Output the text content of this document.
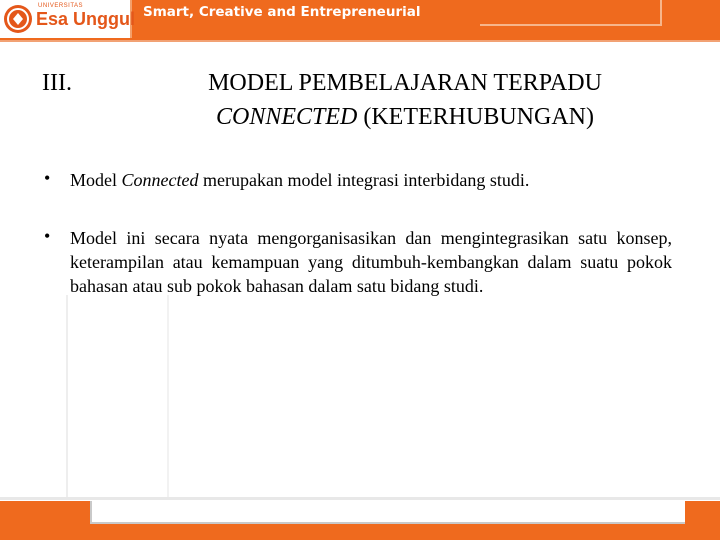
UNIVERSITAS
Esa Unggul Smart, Creative and Entrepreneurial
III.	MODEL PEMBELAJARAN TERPADU
CONNECTED (KETERHUBUNGAN)
• Model Connected merupakan model integrasi interbidang studi.
• Model ini secara nyata mengorganisasikan dan mengintegrasikan satu konsep, keterampilan atau kemampuan yang ditumbuh-kembangkan dalam suatu pokok bahasan atau sub pokok bahasan dalam satu bidang studi.
